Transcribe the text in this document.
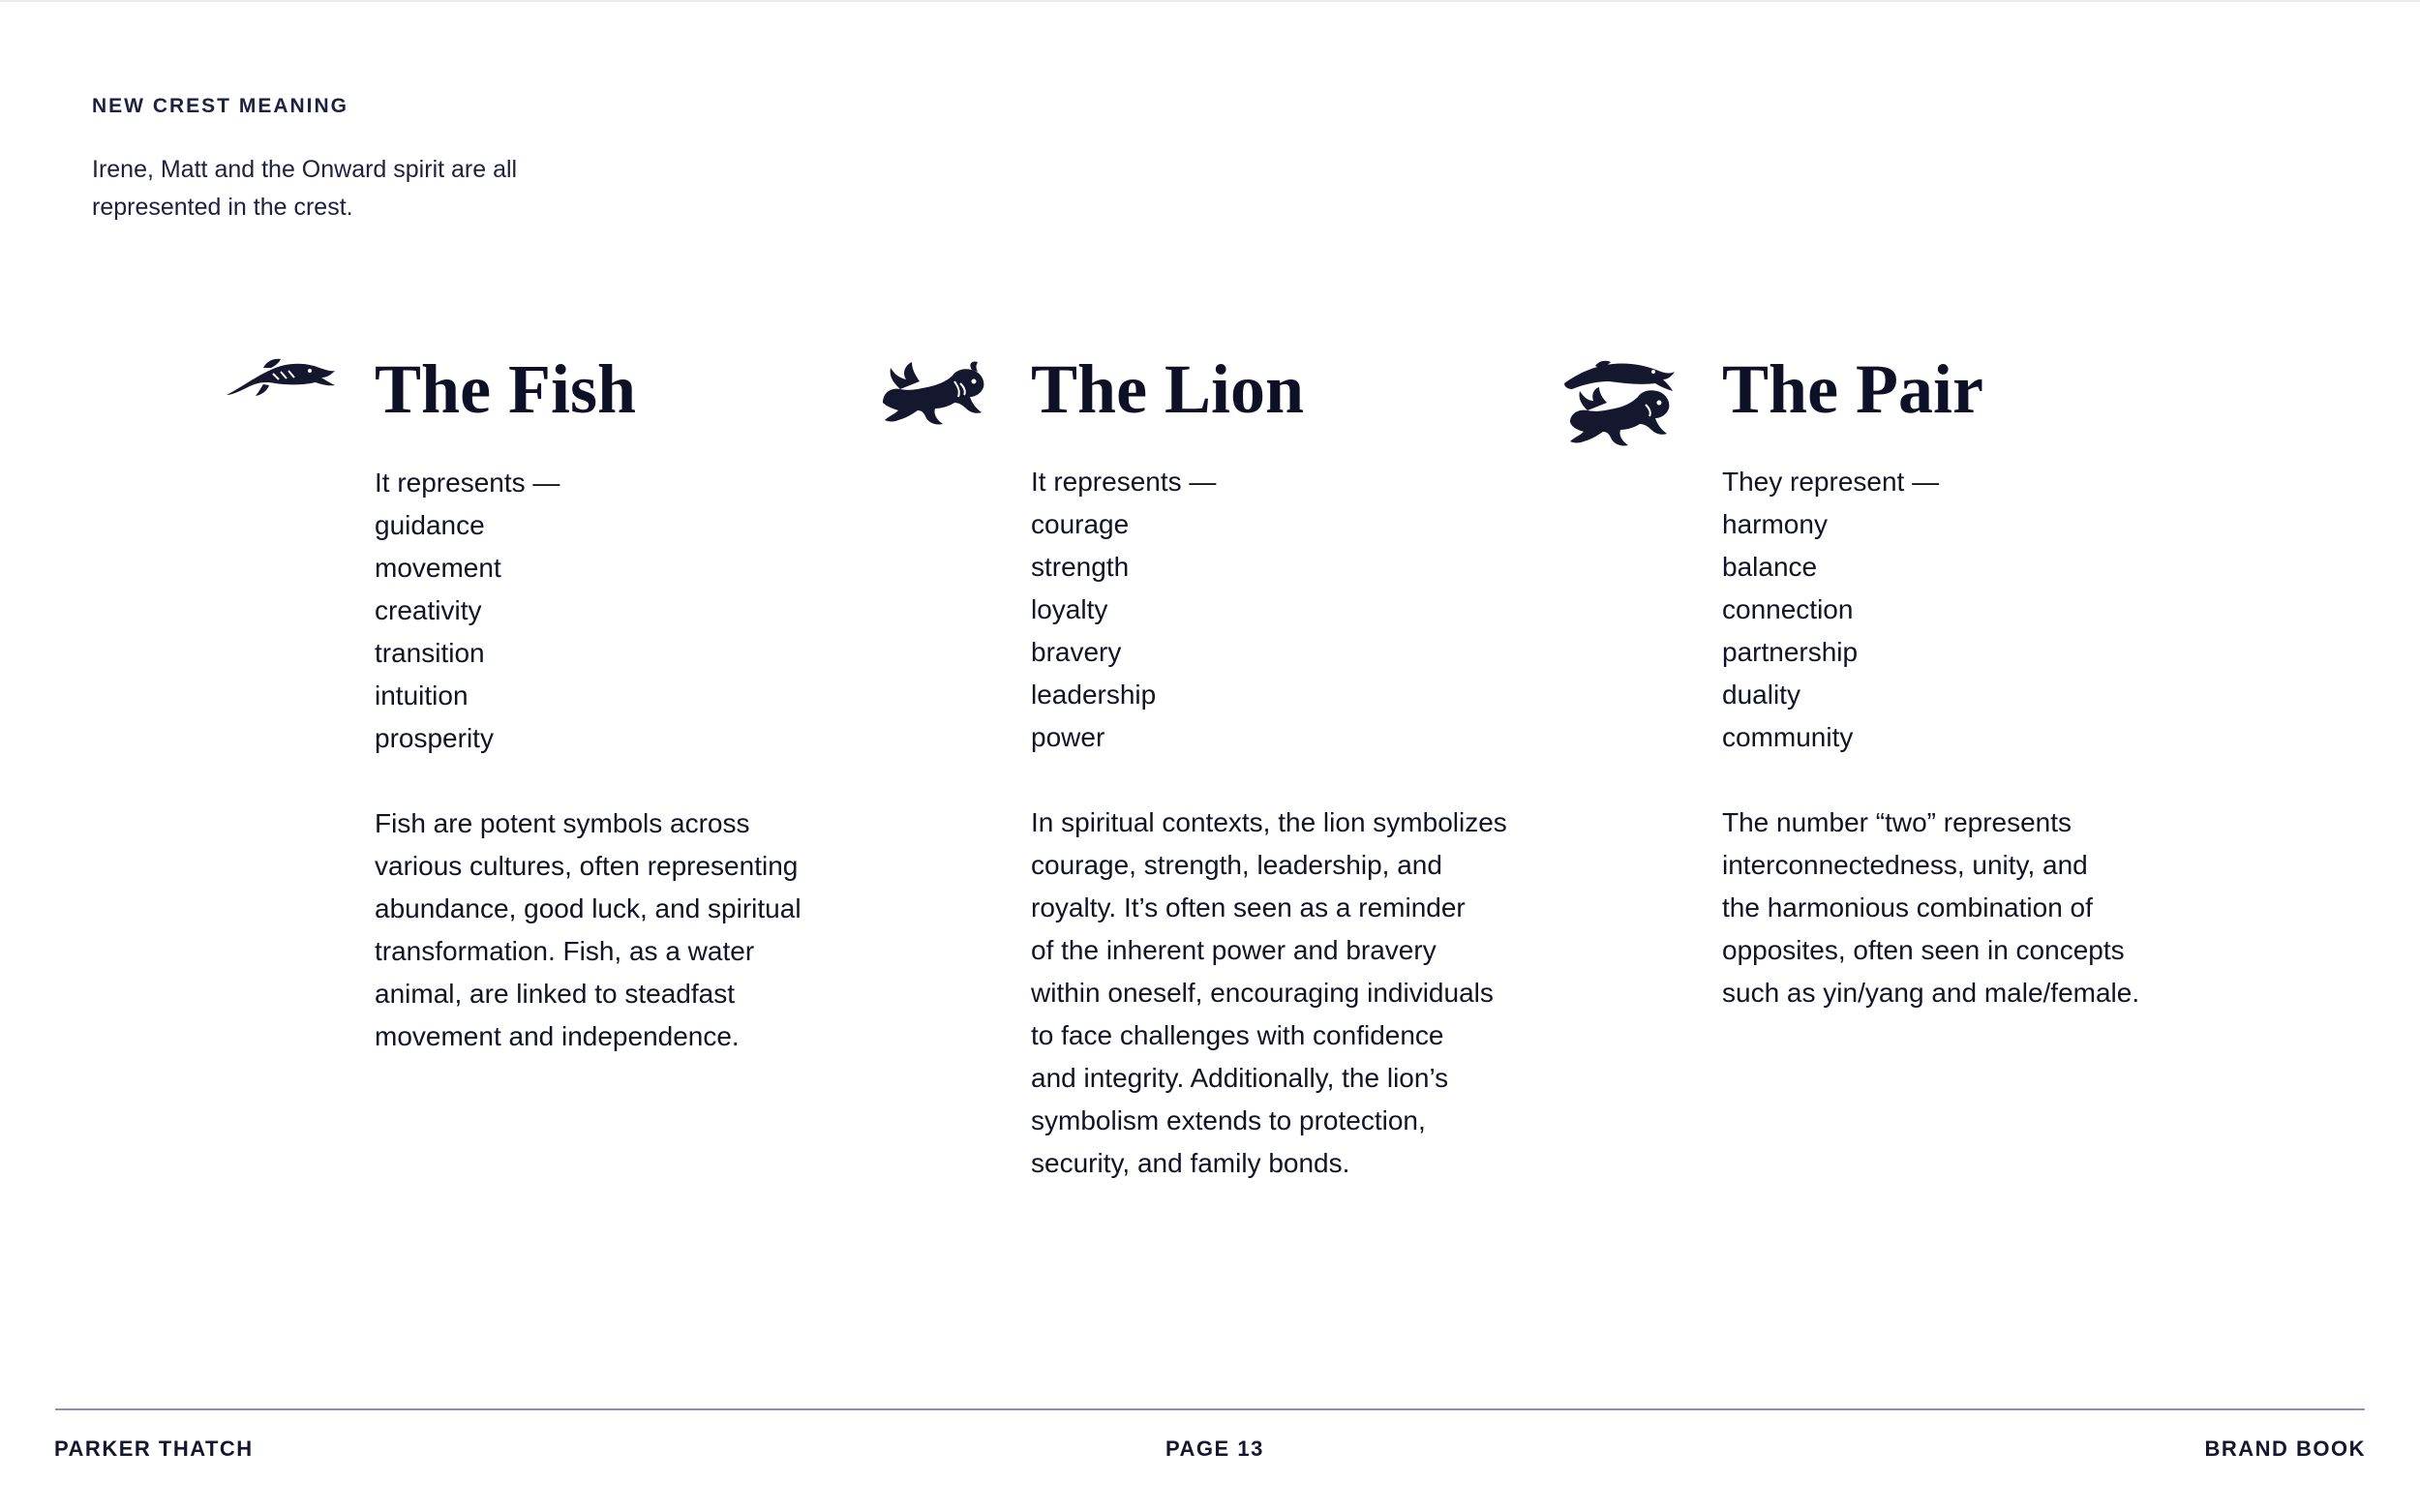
NEW CREST MEANING

Irene, Matt and the Onward spirit are all
represented in the crest.

The Fish
It represents —
guidance
movement
creativity
transition
intuition
prosperity

Fish are potent symbols across
various cultures, often representing
abundance, good luck, and spiritual
transformation. Fish, as a water
animal, are linked to steadfast
movement and independence.

The Lion
It represents —
courage
strength
loyalty
bravery
leadership
power

In spiritual contexts, the lion symbolizes
courage, strength, leadership, and
royalty. It’s often seen as a reminder
of the inherent power and bravery
within oneself, encouraging individuals
to face challenges with confidence
and integrity. Additionally, the lion’s
symbolism extends to protection,
security, and family bonds.

The Pair
They represent —
harmony
balance
connection
partnership
duality
community

The number “two” represents
interconnectedness, unity, and
the harmonious combination of
opposites, often seen in concepts
such as yin/yang and male/female.

PARKER THATCH	PAGE 13	BRAND BOOK
